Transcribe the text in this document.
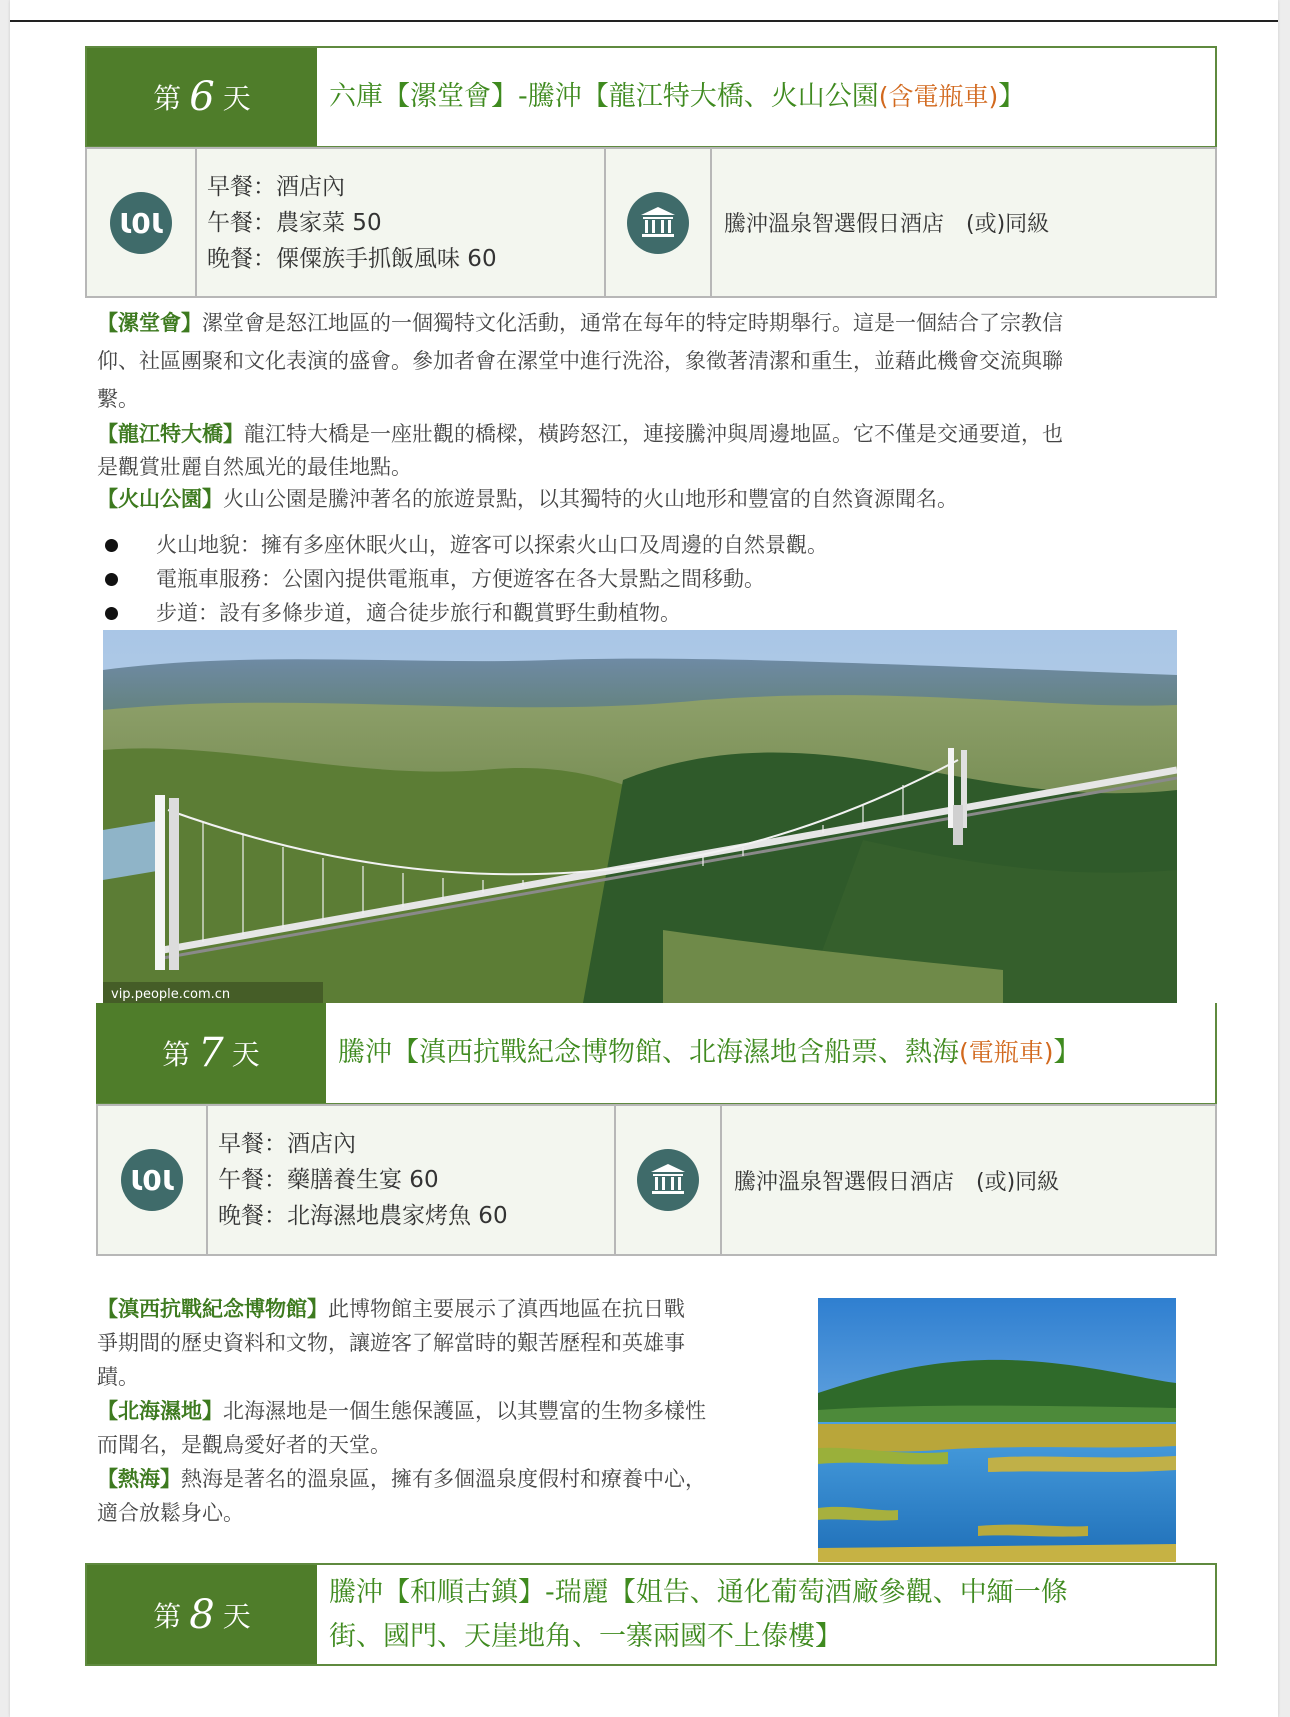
第 6 天	六庫【漯堂會】-騰沖【龍江特大橋、火山公園 (含電瓶車) 】
Ɩ0Ɩ
早餐：酒店內
午餐：農家菜 50
晚餐：傈僳族手抓飯風味 60
騰沖溫泉智選假日酒店　(或)同級
【漯堂會】漯堂會是怒江地區的一個獨特文化活動，通常在每年的特定時期舉行。這是一個結合了宗教信
仰、社區團聚和文化表演的盛會。參加者會在漯堂中進行洗浴，象徵著清潔和重生，並藉此機會交流與聯
繫。
【龍江特大橋】龍江特大橋是一座壯觀的橋樑，橫跨怒江，連接騰沖與周邊地區。它不僅是交通要道，也
是觀賞壯麗自然風光的最佳地點。
【火山公園】火山公園是騰沖著名的旅遊景點，以其獨特的火山地形和豐富的自然資源聞名。
火山地貌：擁有多座休眠火山，遊客可以探索火山口及周邊的自然景觀。
電瓶車服務：公園內提供電瓶車，方便遊客在各大景點之間移動。
步道：設有多條步道，適合徒步旅行和觀賞野生動植物。
vip.people.com.cn
第 7 天	騰沖【滇西抗戰紀念博物館、北海濕地含船票、熱海 (電瓶車) 】
Ɩ0Ɩ
早餐：酒店內
午餐：藥膳養生宴 60
晚餐：北海濕地農家烤魚 60
騰沖溫泉智選假日酒店　(或)同級
【滇西抗戰紀念博物館】此博物館主要展示了滇西地區在抗日戰
爭期間的歷史資料和文物，讓遊客了解當時的艱苦歷程和英雄事
蹟。
【北海濕地】北海濕地是一個生態保護區，以其豐富的生物多樣性
而聞名，是觀鳥愛好者的天堂。
【熱海】熱海是著名的溫泉區，擁有多個溫泉度假村和療養中心，
適合放鬆身心。
第 8 天
騰沖【和順古鎮】-瑞麗【姐告、通化葡萄酒廠參觀、中緬一條
街、國門、天崖地角、一寨兩國不上傣樓】
